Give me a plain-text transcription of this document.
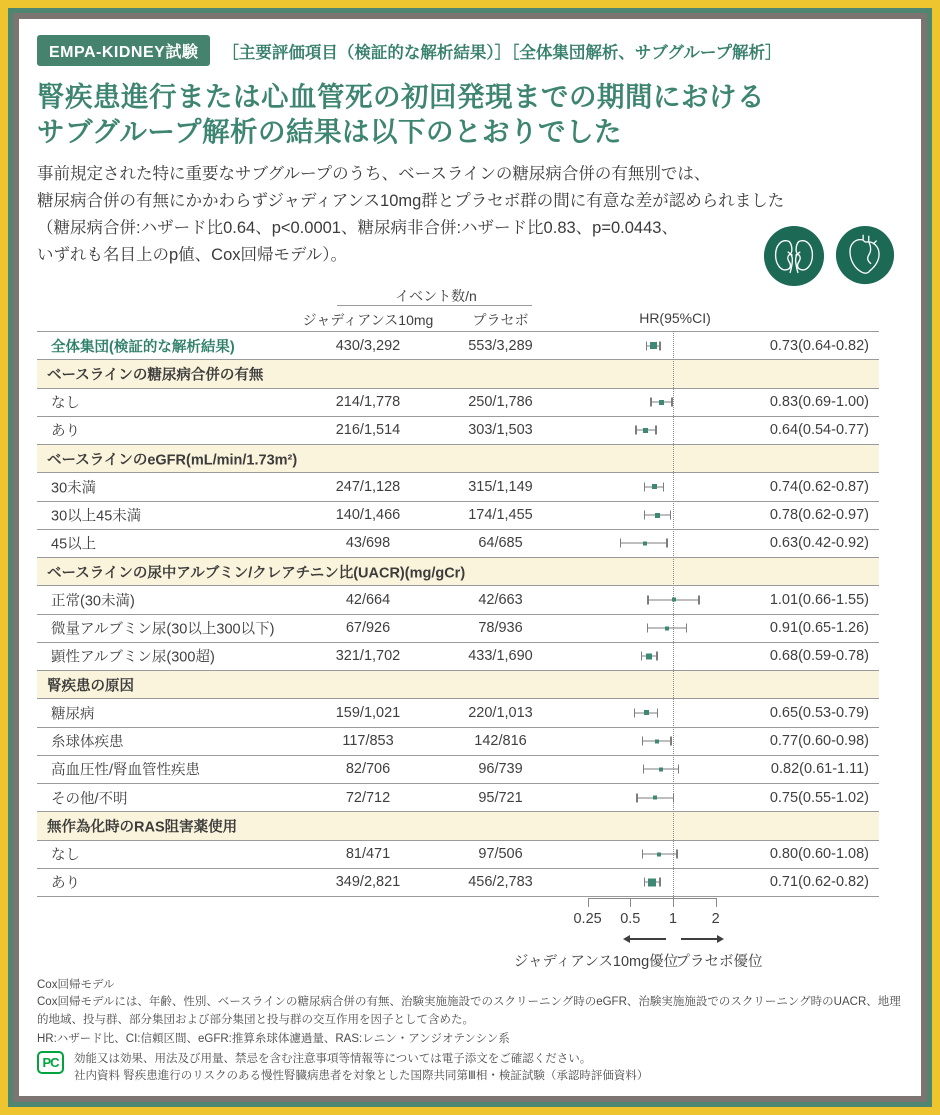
EMPA-KIDNEY試験	［主要評価項目（検証的な解析結果）］［全体集団解析、サブグループ解析］
腎疾患進行または心血管死の初回発現までの期間における
サブグループ解析の結果は以下のとおりでした
事前規定された特に重要なサブグループのうち、ベースラインの糖尿病合併の有無別では、
糖尿病合併の有無にかかわらずジャディアンス10mg群とプラセボ群の間に有意な差が認められました
（糖尿病合併:ハザード比0.64、p<0.0001、糖尿病非合併:ハザード比0.83、p=0.0443、
いずれも名目上のp値、Cox回帰モデル）。
イベント数/n
ジャディアンス10mg	プラセボ	HR(95%CI)
全体集団(検証的な解析結果)	430/3,292	553/3,289	0.73(0.64-0.82)
ベースラインの糖尿病合併の有無
なし	214/1,778	250/1,786	0.83(0.69-1.00)
あり	216/1,514	303/1,503	0.64(0.54-0.77)
ベースラインのeGFR(mL/min/1.73m²)
30未満	247/1,128	315/1,149	0.74(0.62-0.87)
30以上45未満	140/1,466	174/1,455	0.78(0.62-0.97)
45以上	43/698	64/685	0.63(0.42-0.92)
ベースラインの尿中アルブミン/クレアチニン比(UACR)(mg/gCr)
正常(30未満)	42/664	42/663	1.01(0.66-1.55)
微量アルブミン尿(30以上300以下)	67/926	78/936	0.91(0.65-1.26)
顕性アルブミン尿(300超)	321/1,702	433/1,690	0.68(0.59-0.78)
腎疾患の原因
糖尿病	159/1,021	220/1,013	0.65(0.53-0.79)
糸球体疾患	117/853	142/816	0.77(0.60-0.98)
高血圧性/腎血管性疾患	82/706	96/739	0.82(0.61-1.11)
その他/不明	72/712	95/721	0.75(0.55-1.02)
無作為化時のRAS阻害薬使用
なし	81/471	97/506	0.80(0.60-1.08)
あり	349/2,821	456/2,783	0.71(0.62-0.82)
ジャディアンス10mg優位
プラセボ優位
0.25 0.5 1 2
Cox回帰モデル
Cox回帰モデルには、年齢、性別、ベースラインの糖尿病合併の有無、治験実施施設でのスクリーニング時のeGFR、治験実施施設でのスクリーニング時のUACR、地理的地域、投与群、部分集団および部分集団と投与群の交互作用を因子として含めた。
HR:ハザード比、CI:信頼区間、eGFR:推算糸球体濾過量、RAS:レニン・アンジオテンシン系
PC	効能又は効果、用法及び用量、禁忌を含む注意事項等情報等については電子添文をご確認ください。
社内資料 腎疾患進行のリスクのある慢性腎臓病患者を対象とした国際共同第Ⅲ相・検証試験（承認時評価資料）
